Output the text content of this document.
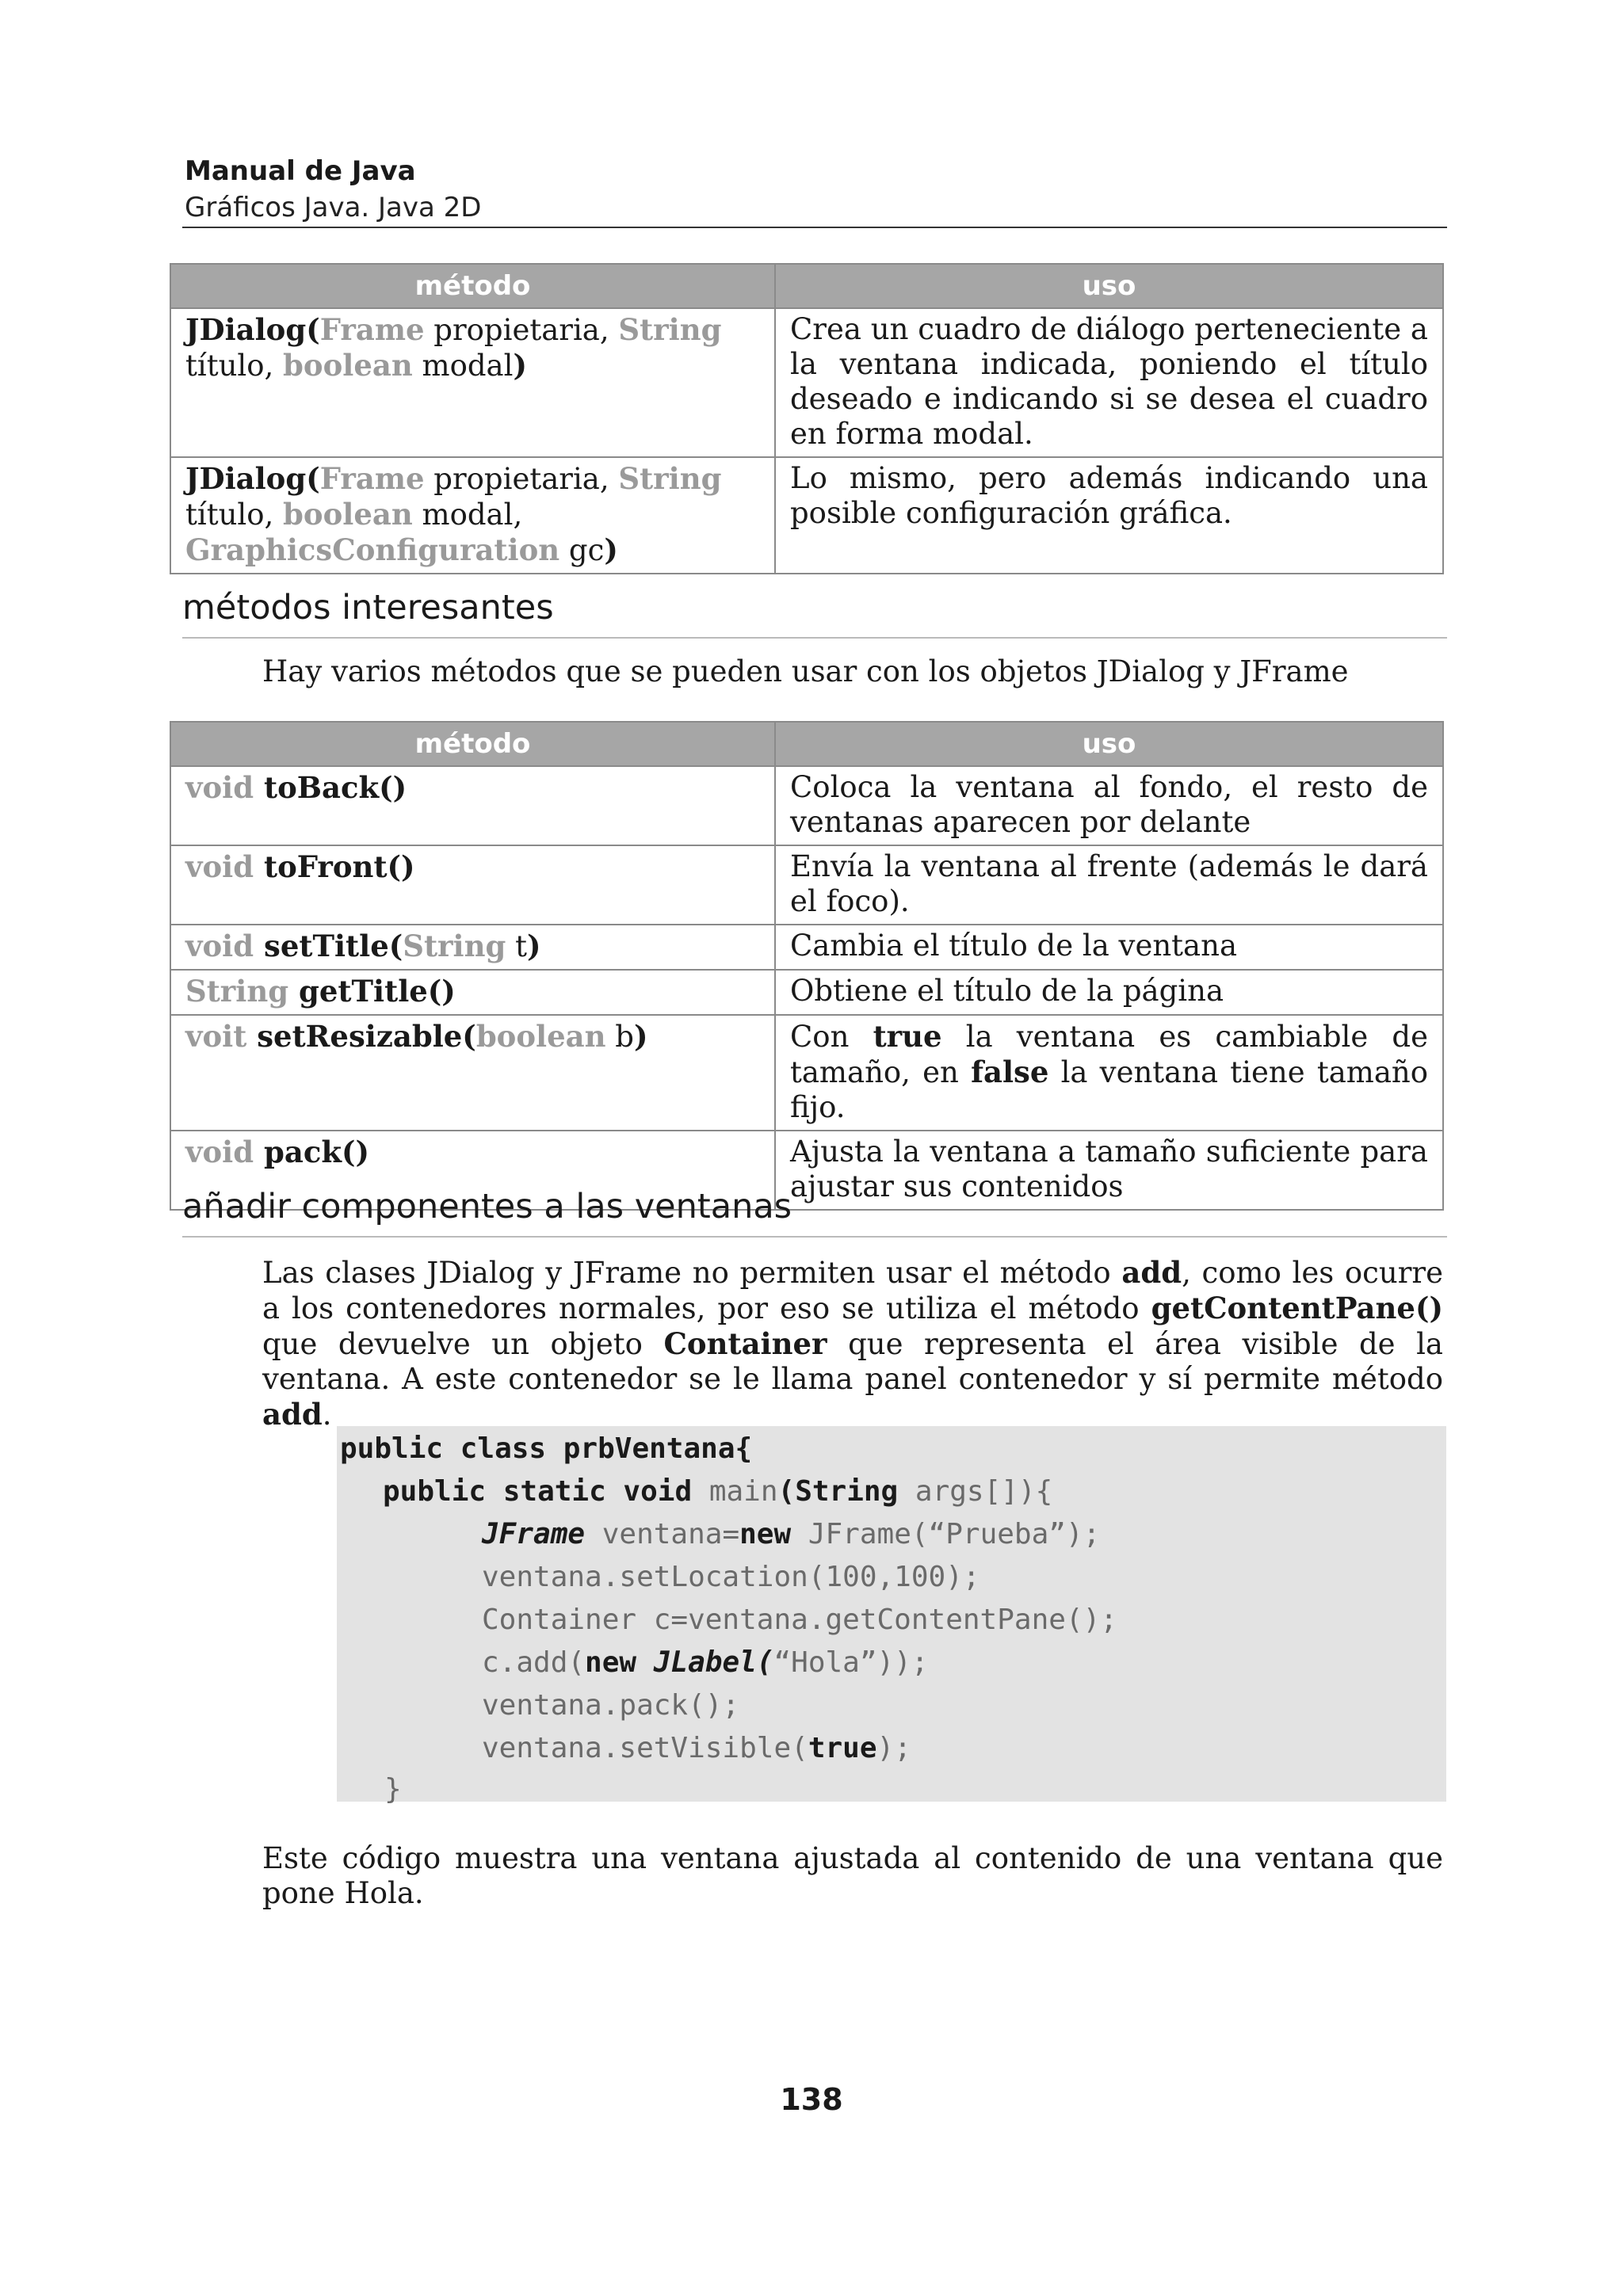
Manual de Java
Gráficos Java. Java 2D
método	uso
JDialog(Frame propietaria, String título, boolean modal)	Crea un cuadro de diálogo perteneciente a la ventana indicada, poniendo el título deseado e indicando si se desea el cuadro en forma modal.
JDialog(Frame propietaria, String título, boolean modal, GraphicsConfiguration gc)	Lo mismo, pero además indicando una posible configuración gráfica.
métodos interesantes
Hay varios métodos que se pueden usar con los objetos JDialog y JFrame
método	uso
void toBack()	Coloca la ventana al fondo, el resto de ventanas aparecen por delante
void toFront()	Envía la ventana al frente (además le dará el foco).
void setTitle(String t)	Cambia el título de la ventana
String getTitle()	Obtiene el título de la página
voit setResizable(boolean b)	Con true la ventana es cambiable de tamaño, en false la ventana tiene tamaño fijo.
void pack()	Ajusta la ventana a tamaño suficiente para ajustar sus contenidos
añadir componentes a las ventanas
Las clases JDialog y JFrame no permiten usar el método add, como les ocurre a los contenedores normales, por eso se utiliza el método getContentPane() que devuelve un objeto Container que representa el área visible de la ventana. A este contenedor se le llama panel contenedor y sí permite método add.
public class prbVentana{
public static void main(String args[]){
JFrame ventana=new JFrame(“Prueba”);
ventana.setLocation(100,100);
Container c=ventana.getContentPane();
c.add(new JLabel(“Hola”));
ventana.pack();
ventana.setVisible(true);
}
Este código muestra una ventana ajustada al contenido de una ventana que pone Hola.
138
